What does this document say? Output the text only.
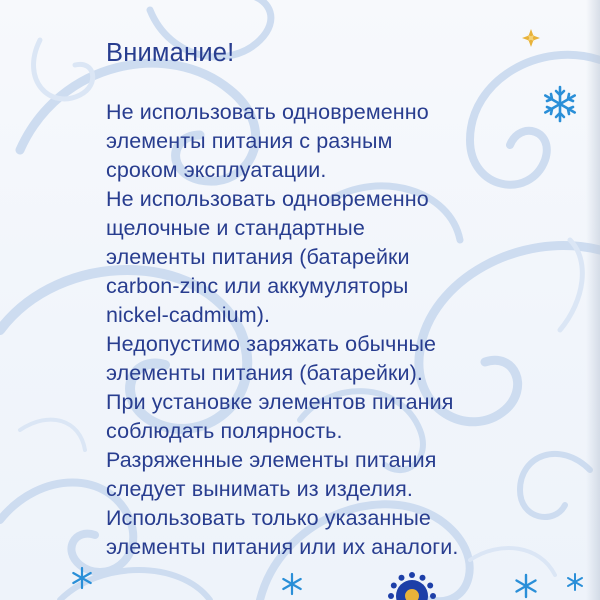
Внимание!

Не использовать одновременно
элементы питания с разным
сроком эксплуатации.

Не использовать одновременно
щелочные и стандартные
элементы питания (батарейки
carbon-zinc или аккумуляторы
nickel-cadmium).

Недопустимо заряжать обычные
элементы питания (батарейки).

При установке элементов питания
соблюдать полярность.

Разряженные элементы питания
следует вынимать из изделия.

Использовать только указанные
элементы питания или их аналоги.
